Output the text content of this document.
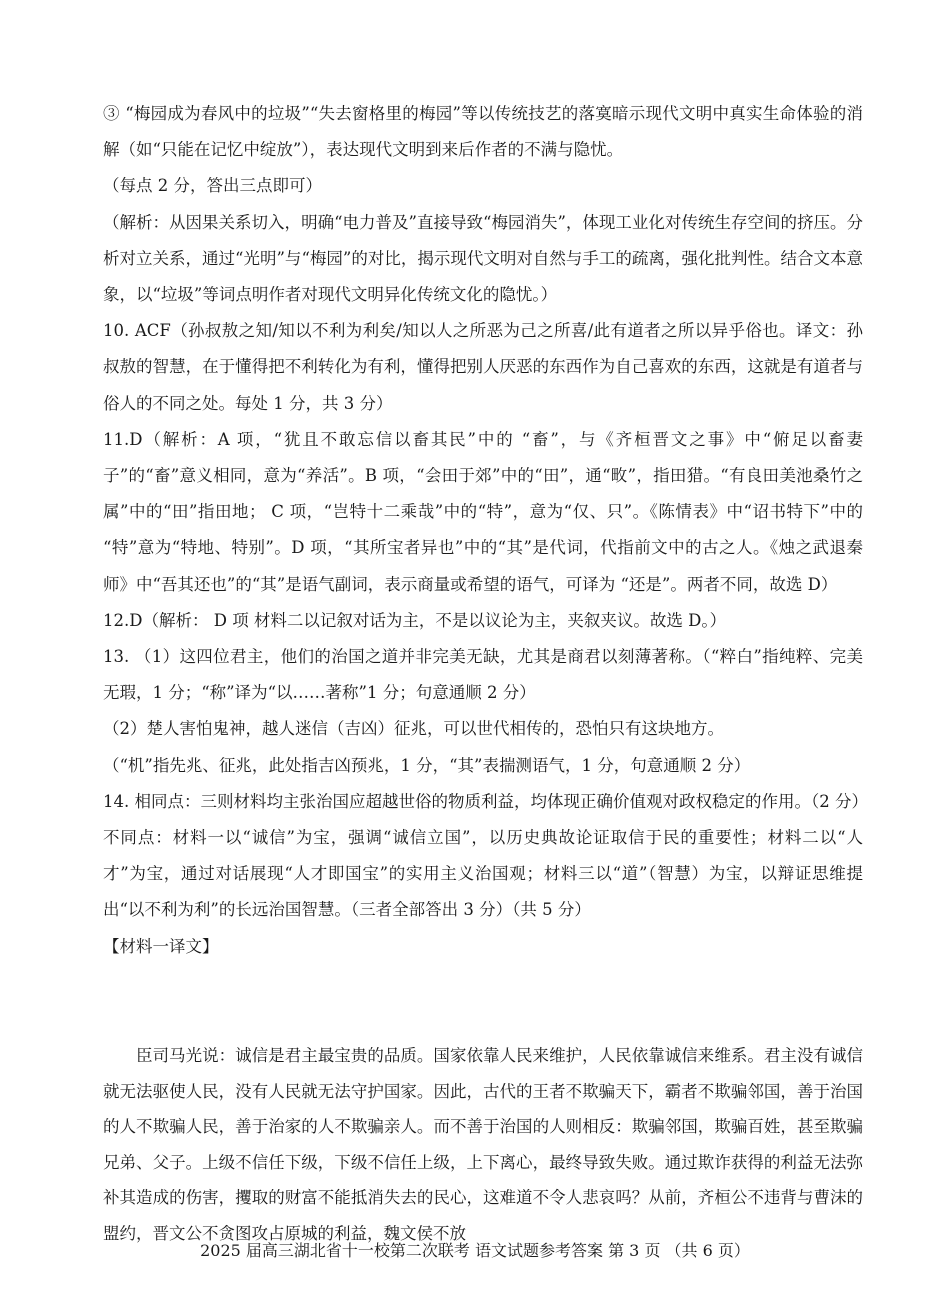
③ “梅园成为春风中的垃圾”“失去窗格里的梅园”等以传统技艺的落寞暗示现代文明中真实生命体验的消解（如“只能在记忆中绽放”），表达现代文明到来后作者的不满与隐忧。

（每点 2 分，答出三点即可）

（解析：从因果关系切入，明确“电力普及”直接导致“梅园消失”，体现工业化对传统生存空间的挤压。分析对立关系，通过“光明”与“梅园”的对比，揭示现代文明对自然与手工的疏离，强化批判性。结合文本意象，以“垃圾”等词点明作者对现代文明异化传统文化的隐忧。）

10. ACF（孙叔敖之知/知以不利为利矣/知以人之所恶为己之所喜/此有道者之所以异乎俗也。译文：孙叔敖的智慧，在于懂得把不利转化为有利，懂得把别人厌恶的东西作为自己喜欢的东西，这就是有道者与俗人的不同之处。每处 1 分，共 3 分）

11.D（解析：A 项，“犹且不敢忘信以畜其民”中的 “畜”，与《齐桓晋文之事》中“俯足以畜妻子”的“畜”意义相同，意为“养活”。B 项，“会田于郊”中的“田”，通“畋”，指田猎。“有良田美池桑竹之属”中的“田”指田地； C 项，“岂特十二乘哉”中的“特”，意为“仅、只”。《陈情表》中“诏书特下”中的 “特”意为“特地、特别”。D 项，“其所宝者异也”中的“其”是代词，代指前文中的古之人。《烛之武退秦师》中“吾其还也”的“其”是语气副词，表示商量或希望的语气，可译为 “还是”。两者不同，故选 D）

12.D（解析： D 项 材料二以记叙对话为主，不是以议论为主，夹叙夹议。故选 D。）

13. （1）这四位君主，他们的治国之道并非完美无缺，尤其是商君以刻薄著称。（“粹白”指纯粹、完美无瑕，1 分；“称”译为“以……著称”1 分；句意通顺 2 分）

（2）楚人害怕鬼神，越人迷信（吉凶）征兆，可以世代相传的，恐怕只有这块地方。

（“机”指先兆、征兆，此处指吉凶预兆，1 分，“其”表揣测语气，1 分，句意通顺 2 分）

14. 相同点：三则材料均主张治国应超越世俗的物质利益，均体现正确价值观对政权稳定的作用。（2 分）

不同点：材料一以“诚信”为宝，强调“诚信立国”，以历史典故论证取信于民的重要性；材料二以“人才”为宝，通过对话展现“人才即国宝”的实用主义治国观；材料三以“道”（智慧）为宝，以辩证思维提出“以不利为利”的长远治国智慧。（三者全部答出 3 分）（共 5 分）

【材料一译文】

臣司马光说：诚信是君主最宝贵的品质。国家依靠人民来维护，人民依靠诚信来维系。君主没有诚信就无法驱使人民，没有人民就无法守护国家。因此，古代的王者不欺骗天下，霸者不欺骗邻国，善于治国的人不欺骗人民，善于治家的人不欺骗亲人。而不善于治国的人则相反：欺骗邻国，欺骗百姓，甚至欺骗兄弟、父子。上级不信任下级，下级不信任上级，上下离心，最终导致失败。通过欺诈获得的利益无法弥补其造成的伤害，攫取的财富不能抵消失去的民心，这难道不令人悲哀吗？从前，齐桓公不违背与曹沫的盟约，晋文公不贪图攻占原城的利益，魏文侯不放

2025 届高三湖北省十一校第二次联考 语文试题参考答案 第 3 页 （共 6 页）
